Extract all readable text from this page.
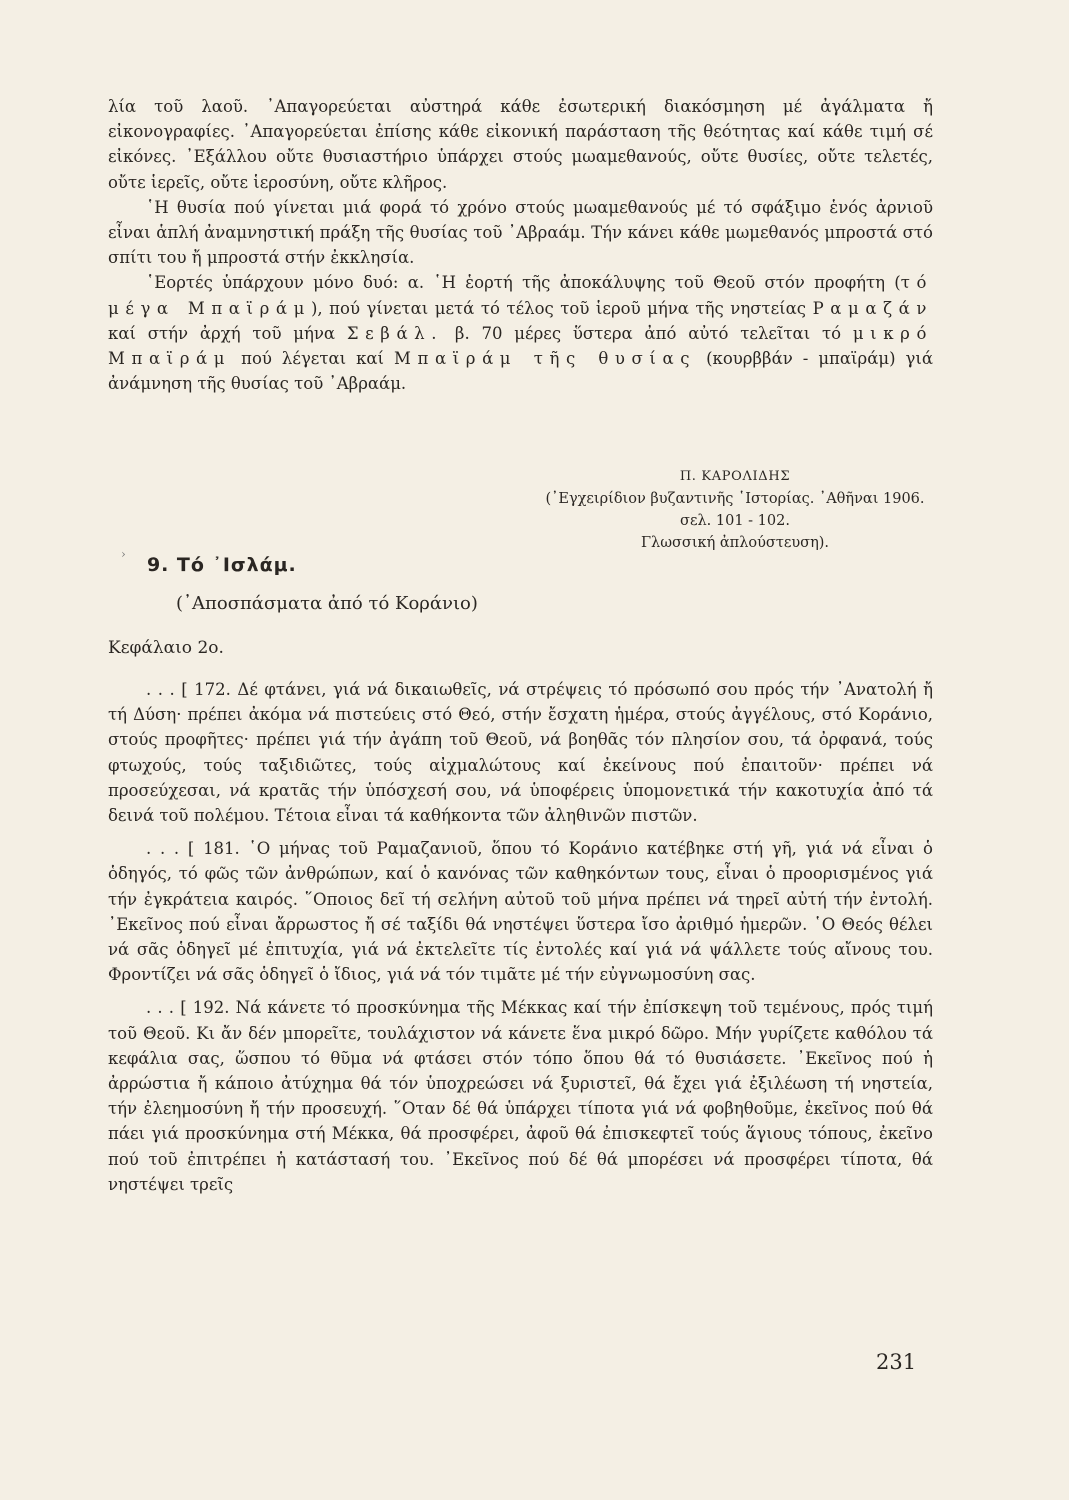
λία τοῦ λαοῦ. ᾿Απαγορεύεται αὐστηρά κάθε ἐσωτερική διακόσμηση μέ ἀγάλματα ἤ εἰκονογραφίες. ᾿Απαγορεύεται ἐπίσης κάθε εἰκονική παράσταση τῆς θεότητας καί κάθε τιμή σέ εἰκόνες. ᾿Εξάλλου οὔτε θυσιαστήριο ὑπάρχει στούς μωαμεθανούς, οὔτε θυσίες, οὔτε τελετές, οὔτε ἱερεῖς, οὔτε ἱεροσύνη, οὔτε κλῆρος.

῾Η θυσία πού γίνεται μιά φορά τό χρόνο στούς μωαμεθανούς μέ τό σφάξιμο ἑνός ἀρνιοῦ εἶναι ἁπλή ἀναμνηστική πράξη τῆς θυσίας τοῦ ᾿Αβραάμ. Τήν κάνει κάθε μωμεθανός μπροστά στό σπίτι του ἤ μπροστά στήν ἐκκλησία.

῾Εορτές ὑπάρχουν μόνο δυό: α. ῾Η ἑορτή τῆς ἀποκάλυψης τοῦ Θεοῦ στόν προφήτη (τό μέγα Μπαϊράμ), πού γίνεται μετά τό τέλος τοῦ ἱεροῦ μήνα τῆς νηστείας Ραμαζάν καί στήν ἀρχή τοῦ μήνα Σεβάλ. β. 70 μέρες ὕστερα ἀπό αὐτό τελεῖται τό μικρό Μπαϊράμ πού λέγεται καί Μπαϊράμ τῆς θυσίας (κουρββάν - μπαϊράμ) γιά ἀνάμνηση τῆς θυσίας τοῦ ᾿Αβραάμ.

Π. ΚΑΡΟΛΙΔΗΣ
(᾿Εγχειρίδιον βυζαντινῆς ῾Ιστορίας. ᾿Αθῆναι 1906. σελ. 101 - 102.
Γλωσσική ἀπλούστευση).
› 9. Τό ᾿Ισλάμ.
(᾿Αποσπάσματα ἀπό τό Κοράνιο)
Κεφάλαιο 2ο.

. . . [ 172. Δέ φτάνει, γιά νά δικαιωθεῖς, νά στρέψεις τό πρόσωπό σου πρός τήν ᾿Ανατολή ἤ τή Δύση· πρέπει ἀκόμα νά πιστεύεις στό Θεό, στήν ἔσχατη ἡμέρα, στούς ἀγγέλους, στό Κοράνιο, στούς προφῆτες· πρέπει γιά τήν ἀγάπη τοῦ Θεοῦ, νά βοηθᾶς τόν πλησίον σου, τά ὀρφανά, τούς φτωχούς, τούς ταξιδιῶτες, τούς αἰχμαλώτους καί ἐκείνους πού ἐπαιτοῦν· πρέπει νά προσεύχεσαι, νά κρατᾶς τήν ὑπόσχεσή σου, νά ὑποφέρεις ὑπομονετικά τήν κακοτυχία ἀπό τά δεινά τοῦ πολέμου. Τέτοια εἶναι τά καθήκοντα τῶν ἀληθινῶν πιστῶν.

. . . [ 181. ῾Ο μήνας τοῦ Ραμαζανιοῦ, ὅπου τό Κοράνιο κατέβηκε στή γῆ, γιά νά εἶναι ὁ ὁδηγός, τό φῶς τῶν ἀνθρώπων, καί ὁ κανόνας τῶν καθηκόντων τους, εἶναι ὁ προορισμένος γιά τήν ἐγκράτεια καιρός. ῞Οποιος δεῖ τή σελήνη αὐτοῦ τοῦ μήνα πρέπει νά τηρεῖ αὐτή τήν ἐντολή. ᾿Εκεῖνος πού εἶναι ἄρρωστος ἤ σέ ταξίδι θά νηστέψει ὕστερα ἴσο ἀριθμό ἡμερῶν. ῾Ο Θεός θέλει νά σᾶς ὁδηγεῖ μέ ἐπιτυχία, γιά νά ἐκτελεῖτε τίς ἐντολές καί γιά νά ψάλλετε τούς αἴνους του. Φροντίζει νά σᾶς ὁδηγεῖ ὁ ἴδιος, γιά νά τόν τιμᾶτε μέ τήν εὐγνωμοσύνη σας.

. . . [ 192. Νά κάνετε τό προσκύνημα τῆς Μέκκας καί τήν ἐπίσκεψη τοῦ τεμένους, πρός τιμή τοῦ Θεοῦ. Κι ἄν δέν μπορεῖτε, τουλάχιστον νά κάνετε ἕνα μικρό δῶρο. Μήν γυρίζετε καθόλου τά κεφάλια σας, ὥσπου τό θῦμα νά φτάσει στόν τόπο ὅπου θά τό θυσιάσετε. ᾿Εκεῖνος πού ἡ ἀρρώστια ἤ κάποιο ἀτύχημα θά τόν ὑποχρεώσει νά ξυριστεῖ, θά ἔχει γιά ἐξιλέωση τή νηστεία, τήν ἐλεημοσύνη ἤ τήν προσευχή. ῞Οταν δέ θά ὑπάρχει τίποτα γιά νά φοβηθοῦμε, ἐκεῖνος πού θά πάει γιά προσκύνημα στή Μέκκα, θά προσφέρει, ἀφοῦ θά ἐπισκεφτεῖ τούς ἅγιους τόπους, ἐκεῖνο πού τοῦ ἐπιτρέπει ἡ κατάστασή του. ᾿Εκεῖνος πού δέ θά μπορέσει νά προσφέρει τίποτα, θά νηστέψει τρεῖς

231
